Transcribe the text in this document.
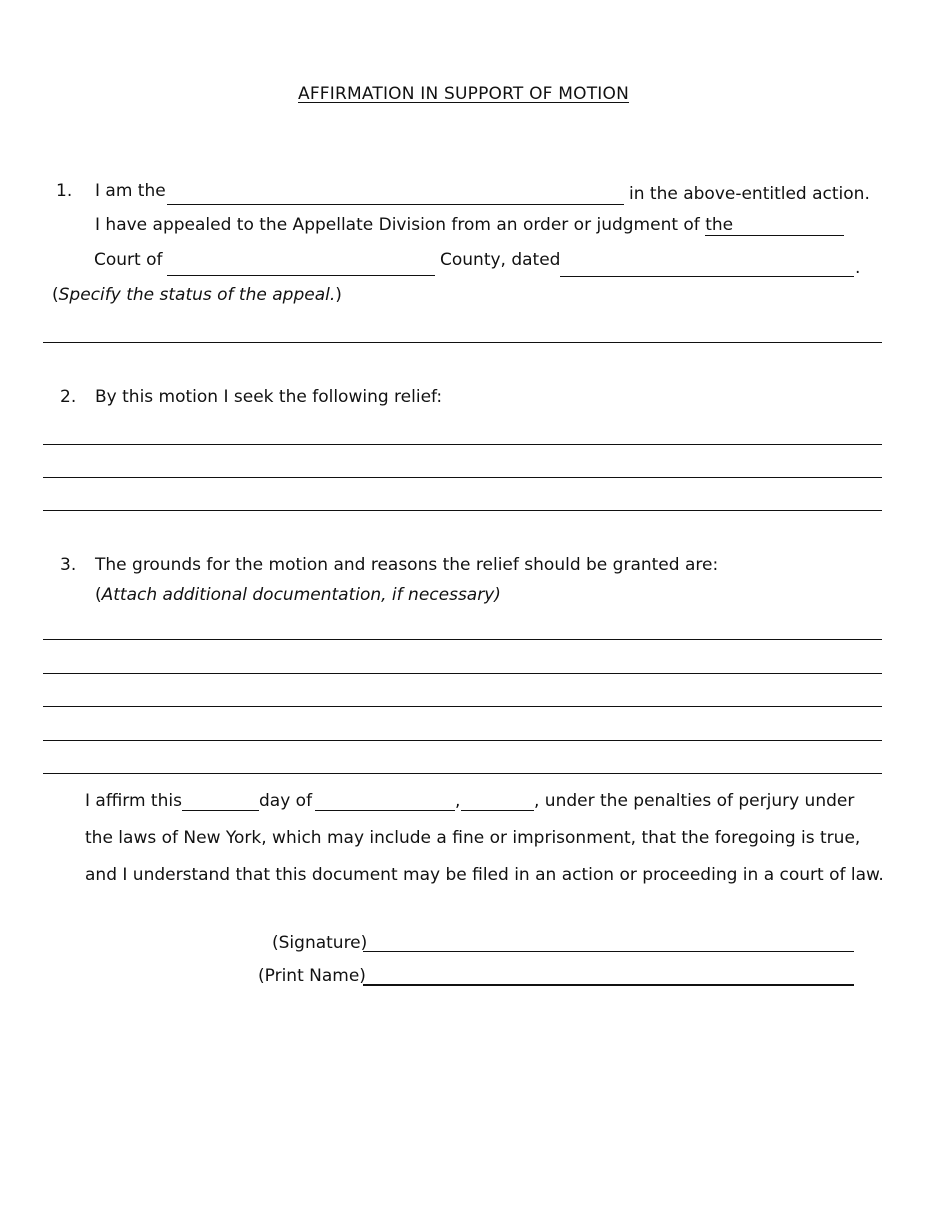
AFFIRMATION IN SUPPORT OF MOTION
1. I am the	in the above-entitled action.
I have appealed to the Appellate Division from an order or judgment of the
Court of	County, dated	.
(Specify the status of the appeal.)
2. By this motion I seek the following relief:
3. The grounds for the motion and reasons the relief should be granted are:
(Attach additional documentation, if necessary)
I affirm this	day of	,	, under the penalties of perjury under
the laws of New York, which may include a fine or imprisonment, that the foregoing is true,
and I understand that this document may be filed in an action or proceeding in a court of law.
(Signature)
(Print Name)
